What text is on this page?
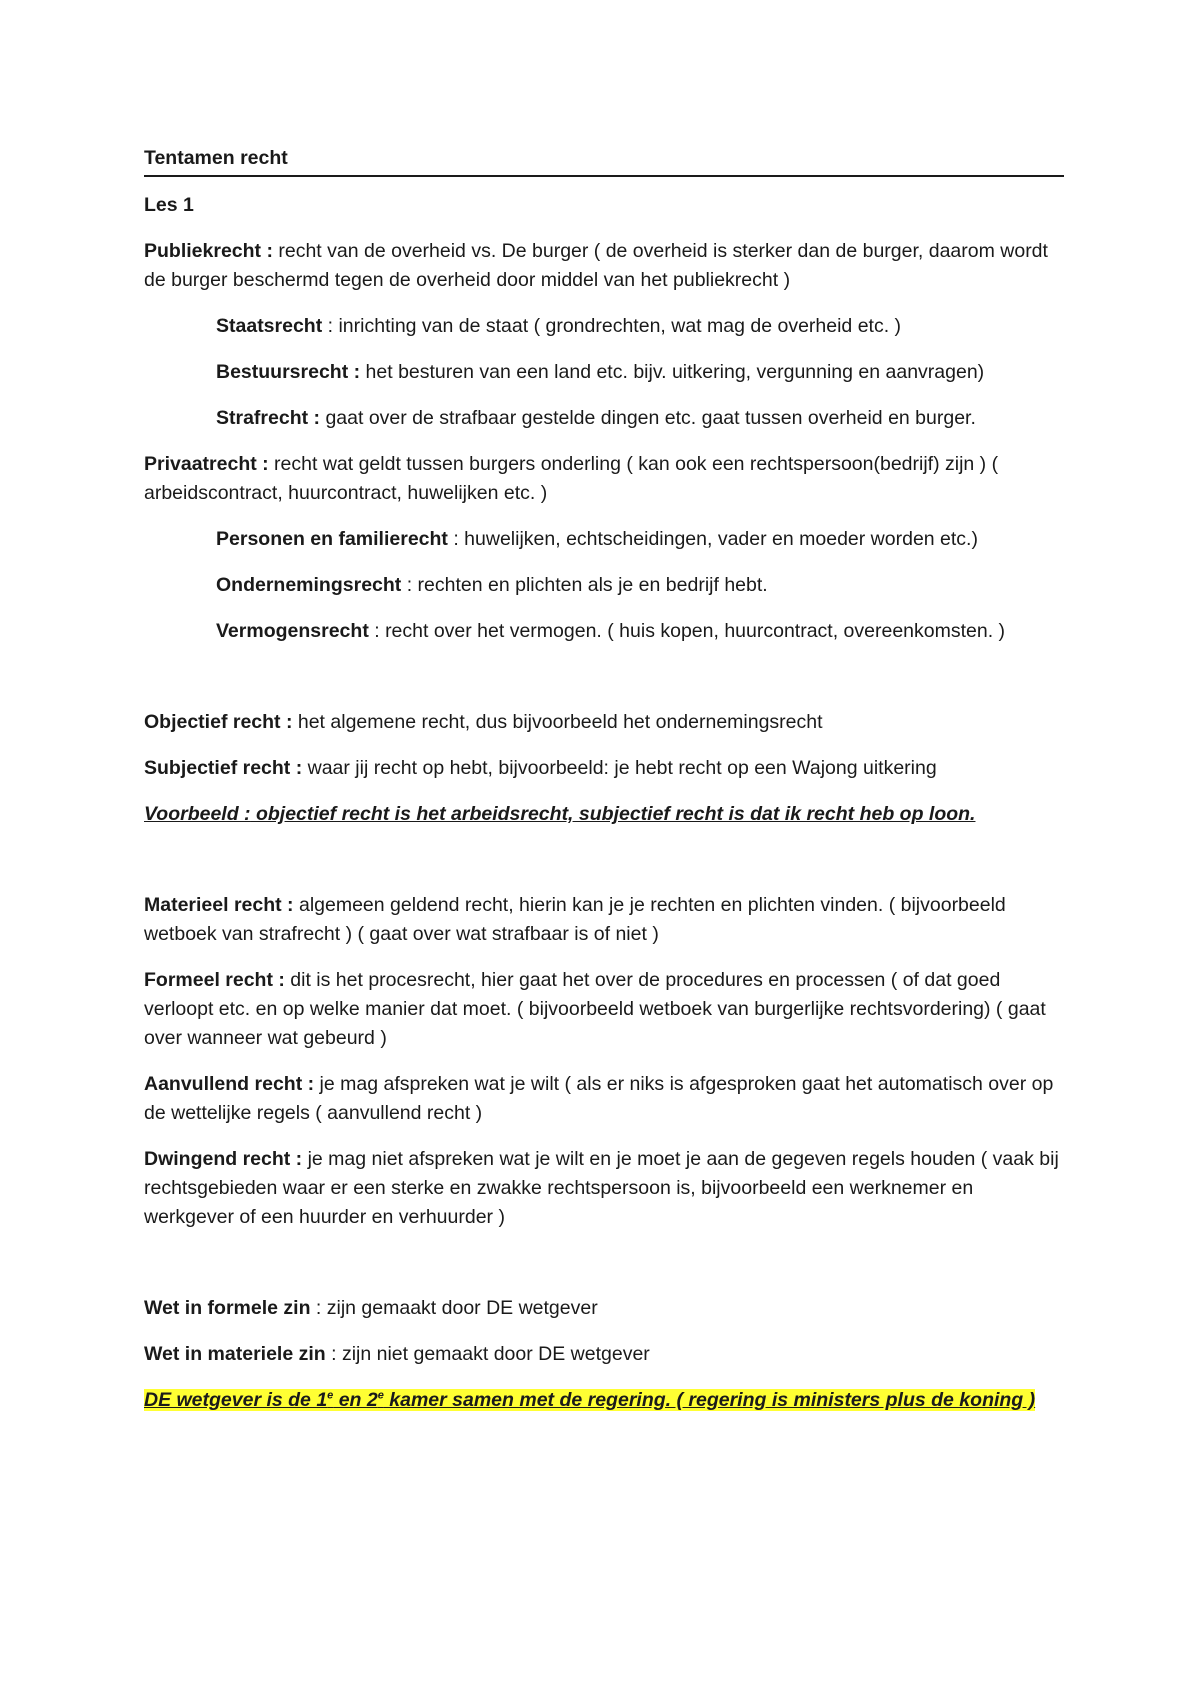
Tentamen recht

Les 1

Publiekrecht : recht van de overheid vs. De burger ( de overheid is sterker dan de burger, daarom wordt de burger beschermd tegen de overheid door middel van het publiekrecht )

Staatsrecht : inrichting van de staat ( grondrechten, wat mag de overheid etc. )

Bestuursrecht : het besturen van een land etc. bijv. uitkering, vergunning en aanvragen)

Strafrecht : gaat over de strafbaar gestelde dingen etc. gaat tussen overheid en burger.

Privaatrecht : recht wat geldt tussen burgers onderling ( kan ook een rechtspersoon(bedrijf) zijn ) ( arbeidscontract, huurcontract, huwelijken etc. )

Personen en familierecht : huwelijken, echtscheidingen, vader en moeder worden etc.)

Ondernemingsrecht : rechten en plichten als je en bedrijf hebt.

Vermogensrecht : recht over het vermogen. ( huis kopen, huurcontract, overeenkomsten. )

Objectief recht : het algemene recht, dus bijvoorbeeld het ondernemingsrecht

Subjectief recht : waar jij recht op hebt, bijvoorbeeld: je hebt recht op een Wajong uitkering

Voorbeeld : objectief recht is het arbeidsrecht, subjectief recht is dat ik recht heb op loon.

Materieel recht : algemeen geldend recht, hierin kan je je rechten en plichten vinden. ( bijvoorbeeld wetboek van strafrecht ) ( gaat over wat strafbaar is of niet )

Formeel recht : dit is het procesrecht, hier gaat het over de procedures en processen ( of dat goed verloopt etc. en op welke manier dat moet. ( bijvoorbeeld wetboek van burgerlijke rechtsvordering) ( gaat over wanneer wat gebeurd )

Aanvullend recht : je mag afspreken wat je wilt ( als er niks is afgesproken gaat het automatisch over op de wettelijke regels ( aanvullend recht )

Dwingend recht : je mag niet afspreken wat je wilt en je moet je aan de gegeven regels houden ( vaak bij rechtsgebieden waar er een sterke en zwakke rechtspersoon is, bijvoorbeeld een werknemer en werkgever of een huurder en verhuurder )

Wet in formele zin : zijn gemaakt door DE wetgever

Wet in materiele zin : zijn niet gemaakt door DE wetgever

DE wetgever is de 1e en 2e kamer samen met de regering. ( regering is ministers plus de koning )
